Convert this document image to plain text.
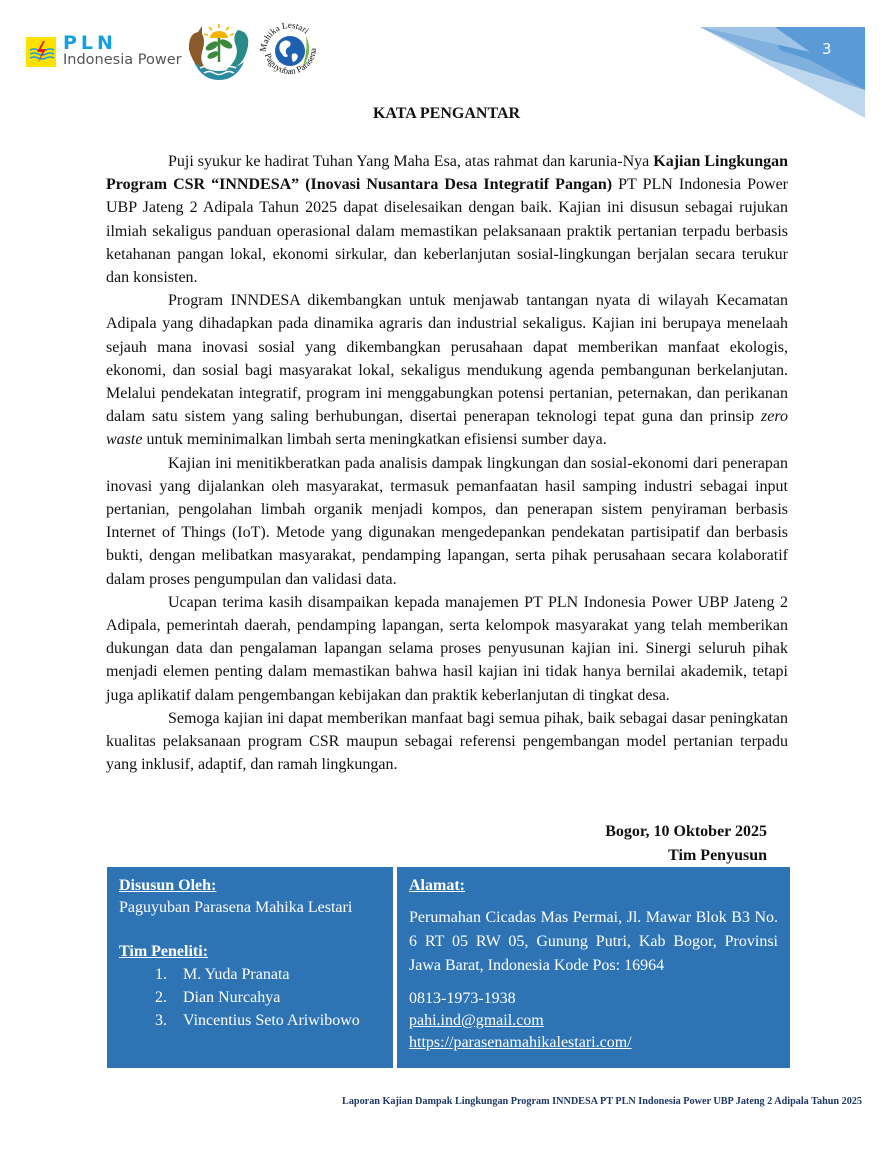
PLN
Indonesia Power
Mahika Lestari
Paguyuban Parasena	3
KATA PENGANTAR

Puji syukur ke hadirat Tuhan Yang Maha Esa, atas rahmat dan karunia-Nya Kajian Lingkungan Program CSR “INNDESA” (Inovasi Nusantara Desa Integratif Pangan) PT PLN Indonesia Power UBP Jateng 2 Adipala Tahun 2025 dapat diselesaikan dengan baik. Kajian ini disusun sebagai rujukan ilmiah sekaligus panduan operasional dalam memastikan pelaksanaan praktik pertanian terpadu berbasis ketahanan pangan lokal, ekonomi sirkular, dan keberlanjutan sosial-lingkungan berjalan secara terukur dan konsisten.

Program INNDESA dikembangkan untuk menjawab tantangan nyata di wilayah Kecamatan Adipala yang dihadapkan pada dinamika agraris dan industrial sekaligus. Kajian ini berupaya menelaah sejauh mana inovasi sosial yang dikembangkan perusahaan dapat memberikan manfaat ekologis, ekonomi, dan sosial bagi masyarakat lokal, sekaligus mendukung agenda pembangunan berkelanjutan. Melalui pendekatan integratif, program ini menggabungkan potensi pertanian, peternakan, dan perikanan dalam satu sistem yang saling berhubungan, disertai penerapan teknologi tepat guna dan prinsip zero waste untuk meminimalkan limbah serta meningkatkan efisiensi sumber daya.

Kajian ini menitikberatkan pada analisis dampak lingkungan dan sosial-ekonomi dari penerapan inovasi yang dijalankan oleh masyarakat, termasuk pemanfaatan hasil samping industri sebagai input pertanian, pengolahan limbah organik menjadi kompos, dan penerapan sistem penyiraman berbasis Internet of Things (IoT). Metode yang digunakan mengedepankan pendekatan partisipatif dan berbasis bukti, dengan melibatkan masyarakat, pendamping lapangan, serta pihak perusahaan secara kolaboratif dalam proses pengumpulan dan validasi data.

Ucapan terima kasih disampaikan kepada manajemen PT PLN Indonesia Power UBP Jateng 2 Adipala, pemerintah daerah, pendamping lapangan, serta kelompok masyarakat yang telah memberikan dukungan data dan pengalaman lapangan selama proses penyusunan kajian ini. Sinergi seluruh pihak menjadi elemen penting dalam memastikan bahwa hasil kajian ini tidak hanya bernilai akademik, tetapi juga aplikatif dalam pengembangan kebijakan dan praktik keberlanjutan di tingkat desa.

Semoga kajian ini dapat memberikan manfaat bagi semua pihak, baik sebagai dasar peningkatan kualitas pelaksanaan program CSR maupun sebagai referensi pengembangan model pertanian terpadu yang inklusif, adaptif, dan ramah lingkungan.

Bogor, 10 Oktober 2025
Tim Penyusun
Disusun Oleh:
Paguyuban Parasena Mahika Lestari
Tim Peneliti:
1. M. Yuda Pranata
2. Dian Nurcahya
3. Vincentius Seto Ariwibowo
Alamat:
Perumahan Cicadas Mas Permai, Jl. Mawar Blok B3 No. 6 RT 05 RW 05, Gunung Putri, Kab Bogor, Provinsi Jawa Barat, Indonesia Kode Pos: 16964
0813-1973-1938
pahi.ind@gmail.com
https://parasenamahikalestari.com/
Laporan Kajian Dampak Lingkungan Program INNDESA PT PLN Indonesia Power UBP Jateng 2 Adipala Tahun 2025
